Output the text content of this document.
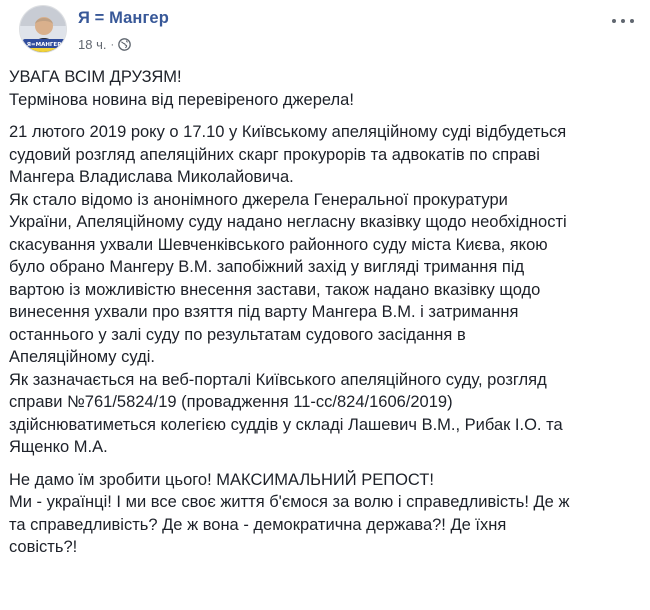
Я=МАНГЕР
Я = Мангер
18 ч. ·

УВАГА ВСІМ ДРУЗЯМ!
Термінова новина від перевіреного джерела!

21 лютого 2019 року о 17.10 у Київському апеляційному суді відбудеться
судовий розгляд апеляційних скарг прокурорів та адвокатів по справі
Мангера Владислава Миколайовича.
Як стало відомо із анонімного джерела Генеральної прокуратури
України, Апеляційному суду надано негласну вказівку щодо необхідності
скасування ухвали Шевченківського районного суду міста Києва, якою
було обрано Мангеру В.М. запобіжний захід у вигляді тримання під
вартою із можливістю внесення застави, також надано вказівку щодо
винесення ухвали про взяття під варту Мангера В.М. і затримання
останнього у залі суду по результатам судового засідання в
Апеляційному суді.
Як зазначається на веб-порталі Київського апеляційного суду, розгляд
справи №761/5824/19 (провадження 11-сс/824/1606/2019)
здійснюватиметься колегією суддів у складі Лашевич В.М., Рибак І.О. та
Ященко М.А.

Не дамо їм зробити цього! МАКСИМАЛЬНИЙ РЕПОСТ!
Ми - українці! І ми все своє життя б'ємося за волю і справедливість! Де ж
та справедливість? Де ж вона - демократична держава?! Де їхня
совість?!
